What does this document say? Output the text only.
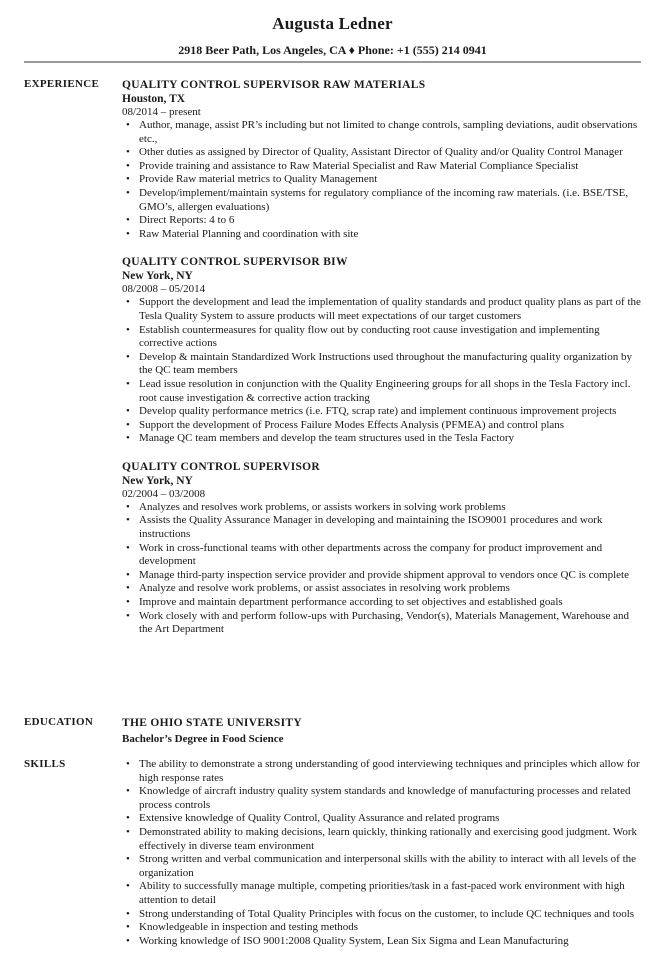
Augusta Ledner
2918 Beer Path, Los Angeles, CA ♦ Phone: +1 (555) 214 0941
EXPERIENCE	QUALITY CONTROL SUPERVISOR RAW MATERIALS
Houston, TX
08/2014 – present
• Author, manage, assist PR’s including but not limited to change controls, sampling deviations, audit observations etc.,
• Other duties as assigned by Director of Quality, Assistant Director of Quality and/or Quality Control Manager
• Provide training and assistance to Raw Material Specialist and Raw Material Compliance Specialist
• Provide Raw material metrics to Quality Management
• Develop/implement/maintain systems for regulatory compliance of the incoming raw materials. (i.e. BSE/TSE, GMO’s, allergen evaluations)
• Direct Reports: 4 to 6
• Raw Material Planning and coordination with site
QUALITY CONTROL SUPERVISOR BIW
New York, NY
08/2008 – 05/2014
• Support the development and lead the implementation of quality standards and product quality plans as part of the Tesla Quality System to assure products will meet expectations of our target customers
• Establish countermeasures for quality flow out by conducting root cause investigation and implementing corrective actions
• Develop & maintain Standardized Work Instructions used throughout the manufacturing quality organization by the QC team members
• Lead issue resolution in conjunction with the Quality Engineering groups for all shops in the Tesla Factory incl. root cause investigation & corrective action tracking
• Develop quality performance metrics (i.e. FTQ, scrap rate) and implement continuous improvement projects
• Support the development of Process Failure Modes Effects Analysis (PFMEA) and control plans
• Manage QC team members and develop the team structures used in the Tesla Factory
QUALITY CONTROL SUPERVISOR
New York, NY
02/2004 – 03/2008
• Analyzes and resolves work problems, or assists workers in solving work problems
• Assists the Quality Assurance Manager in developing and maintaining the ISO9001 procedures and work instructions
• Work in cross-functional teams with other departments across the company for product improvement and development
• Manage third-party inspection service provider and provide shipment approval to vendors once QC is complete
• Analyze and resolve work problems, or assist associates in resolving work problems
• Improve and maintain department performance according to set objectives and established goals
• Work closely with and perform follow-ups with Purchasing, Vendor(s), Materials Management, Warehouse and the Art Department
EDUCATION	THE OHIO STATE UNIVERSITY
Bachelor’s Degree in Food Science
SKILLS	• The ability to demonstrate a strong understanding of good interviewing techniques and principles which allow for high response rates
• Knowledge of aircraft industry quality system standards and knowledge of manufacturing processes and related process controls
• Extensive knowledge of Quality Control, Quality Assurance and related programs
• Demonstrated ability to making decisions, learn quickly, thinking rationally and exercising good judgment. Work effectively in diverse team environment
• Strong written and verbal communication and interpersonal skills with the ability to interact with all levels of the organization
• Ability to successfully manage multiple, competing priorities/task in a fast-paced work environment with high attention to detail
• Strong understanding of Total Quality Principles with focus on the customer, to include QC techniques and tools
• Knowledgeable in inspection and testing methods
• Working knowledge of ISO 9001:2008 Quality System, Lean Six Sigma and Lean Manufacturing
